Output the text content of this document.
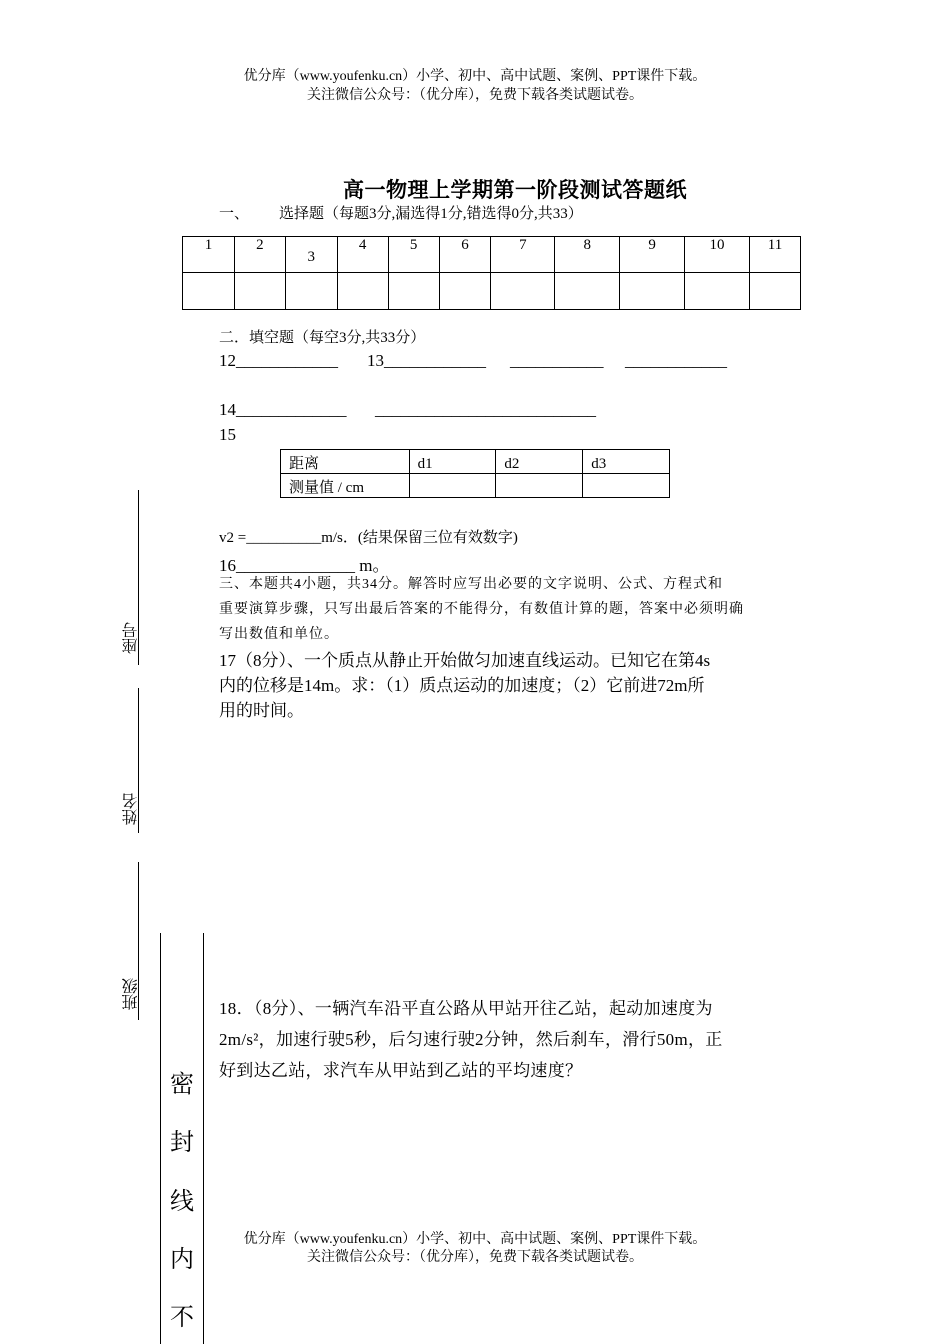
优分库（www.youfenku.cn）小学、初中、高中试题、案例、PPT课件下载。
关注微信公众号：（优分库），免费下载各类试题试卷。
高一物理上学期第一阶段测试答题纸
一、 选择题（每题3分,漏选得1分,错选得0分,共33）
1	2	3	4	5	6	7	8	9	10	11

二．填空题（每空3分,共33分）
12____________ 13____________ ___________ ____________
14_____________ __________________________
15
距离	d1	d2	d3
测量值 / cm			
v2 =__________m/s．(结果保留三位有效数字)
16______________ m。
三、本题共4小题，共34分。解答时应写出必要的文字说明、公式、方程式和
重要演算步骤，只写出最后答案的不能得分，有数值计算的题，答案中必须明确
写出数值和单位。
17（8分）、一个质点从静止开始做匀加速直线运动。已知它在第4s
内的位移是14m。求：（1）质点运动的加速度；（2）它前进72m所
用的时间。
18．（8分）、一辆汽车沿平直公路从甲站开往乙站，起动加速度为
2m/s²，加速行驶5秒，后匀速行驶2分钟，然后刹车，滑行50m，正
好到达乙站，求汽车从甲站到乙站的平均速度？
座号
姓名
班级
密
封
线
内
不
优分库（www.youfenku.cn）小学、初中、高中试题、案例、PPT课件下载。
关注微信公众号：（优分库），免费下载各类试题试卷。
